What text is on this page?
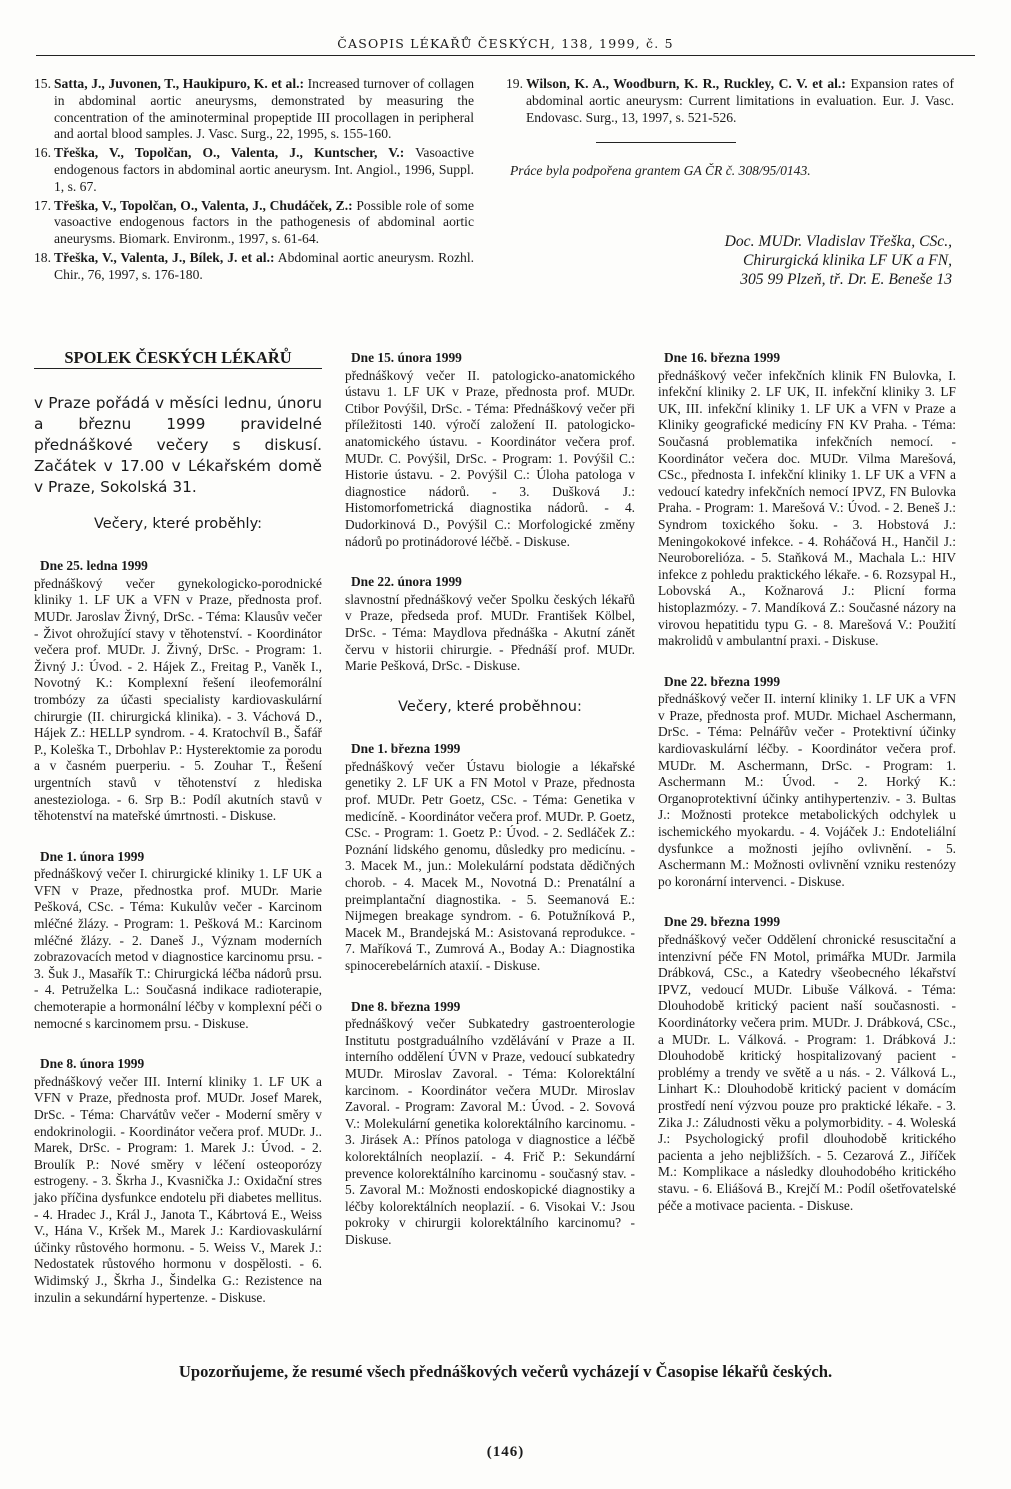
ČASOPIS LÉKAŘŮ ČESKÝCH, 138, 1999, č. 5
15. Satta, J., Juvonen, T., Haukipuro, K. et al.: Increased turnover of collagen in abdominal aortic aneurysms, demonstrated by measuring the concentration of the aminoterminal propeptide III procollagen in peripheral and aortal blood samples. J. Vasc. Surg., 22, 1995, s. 155-160.
16. Třeška, V., Topolčan, O., Valenta, J., Kuntscher, V.: Vasoactive endogenous factors in abdominal aortic aneurysm. Int. Angiol., 1996, Suppl. 1, s. 67.
17. Třeška, V., Topolčan, O., Valenta, J., Chudáček, Z.: Possible role of some vasoactive endogenous factors in the pathogenesis of abdominal aortic aneurysms. Biomark. Environm., 1997, s. 61-64.
18. Třeška, V., Valenta, J., Bílek, J. et al.: Abdominal aortic aneurysm. Rozhl. Chir., 76, 1997, s. 176-180.
19. Wilson, K. A., Woodburn, K. R., Ruckley, C. V. et al.: Expansion rates of abdominal aortic aneurysm: Current limitations in evaluation. Eur. J. Vasc. Endovasc. Surg., 13, 1997, s. 521-526.
Práce byla podpořena grantem GA ČR č. 308/95/0143.
Doc. MUDr. Vladislav Třeška, CSc.,
Chirurgická klinika LF UK a FN,
305 99 Plzeň, tř. Dr. E. Beneše 13
SPOLEK ČESKÝCH LÉKAŘŮ

v Praze pořádá v měsíci lednu, únoru a březnu 1999 pravidelné přednáškové večery s diskusí. Začátek v 17.00 v Lékařském domě v Praze, Sokolská 31.

Večery, které proběhly:
Dne 25. ledna 1999
přednáškový večer gynekologicko-porodnické kliniky 1. LF UK a VFN v Praze, přednosta prof. MUDr. Jaroslav Živný, DrSc. - Téma: Klausův večer - Život ohrožující stavy v těhotenství. - Koordinátor večera prof. MUDr. J. Živný, DrSc. - Program: 1. Živný J.: Úvod. - 2. Hájek Z., Freitag P., Vaněk I., Novotný K.: Komplexní řešení ileofemorální trombózy za účasti specialisty kardiovaskulární chirurgie (II. chirurgická klinika). - 3. Váchová D., Hájek Z.: HELLP syndrom. - 4. Kratochvíl B., Šafář P., Koleška T., Drbohlav P.: Hysterektomie za porodu a v časném puerperiu. - 5. Zouhar T., Řešení urgentních stavů v těhotenství z hlediska anesteziologa. - 6. Srp B.: Podíl akutních stavů v těhotenství na mateřské úmrtnosti. - Diskuse.
Dne 1. února 1999
přednáškový večer I. chirurgické kliniky 1. LF UK a VFN v Praze, přednostka prof. MUDr. Marie Pešková, CSc. - Téma: Kukulův večer - Karcinom mléčné žlázy. - Program: 1. Pešková M.: Karcinom mléčné žlázy. - 2. Daneš J., Význam moderních zobrazovacích metod v diagnostice karcinomu prsu. - 3. Šuk J., Masařík T.: Chirurgická léčba nádorů prsu. - 4. Petruželka L.: Současná indikace radioterapie, chemoterapie a hormonální léčby v komplexní péči o nemocné s karcinomem prsu. - Diskuse.
Dne 8. února 1999
přednáškový večer III. Interní kliniky 1. LF UK a VFN v Praze, přednosta prof. MUDr. Josef Marek, DrSc. - Téma: Charvátův večer - Moderní směry v endokrinologii. - Koordinátor večera prof. MUDr. J.. Marek, DrSc. - Program: 1. Marek J.: Úvod. - 2. Broulík P.: Nové směry v léčení osteoporózy estrogeny. - 3. Škrha J., Kvasnička J.: Oxidační stres jako příčina dysfunkce endotelu při diabetes mellitus. - 4. Hradec J., Král J., Janota T., Kábrtová E., Weiss V., Hána V., Kršek M., Marek J.: Kardiovaskulární účinky růstového hormonu. - 5. Weiss V., Marek J.: Nedostatek růstového hormonu v dospělosti. - 6. Widimský J., Škrha J., Šindelka G.: Rezistence na inzulin a sekundární hypertenze. - Diskuse.
Dne 15. února 1999
přednáškový večer II. patologicko-anatomického ústavu 1. LF UK v Praze, přednosta prof. MUDr. Ctibor Povýšil, DrSc. - Téma: Přednáškový večer při příležitosti 140. výročí založení II. patologicko-anatomického ústavu. - Koordinátor večera prof. MUDr. C. Povýšil, DrSc. - Program: 1. Povýšil C.: Historie ústavu. - 2. Povýšil C.: Úloha patologa v diagnostice nádorů. - 3. Dušková J.: Histomorfometrická diagnostika nádorů. - 4. Dudorkinová D., Povýšil C.: Morfologické změny nádorů po protinádorové léčbě. - Diskuse.
Dne 22. února 1999
slavnostní přednáškový večer Spolku českých lékařů v Praze, předseda prof. MUDr. František Kölbel, DrSc. - Téma: Maydlova přednáška - Akutní zánět červu v historii chirurgie. - Přednáší prof. MUDr. Marie Pešková, DrSc. - Diskuse.
Večery, které proběhnou:
Dne 1. března 1999
přednáškový večer Ústavu biologie a lékařské genetiky 2. LF UK a FN Motol v Praze, přednosta prof. MUDr. Petr Goetz, CSc. - Téma: Genetika v medicíně. - Koordinátor večera prof. MUDr. P. Goetz, CSc. - Program: 1. Goetz P.: Úvod. - 2. Sedláček Z.: Poznání lidského genomu, důsledky pro medicínu. - 3. Macek M., jun.: Molekulární podstata dědičných chorob. - 4. Macek M., Novotná D.: Prenatální a preimplantační diagnostika. - 5. Seemanová E.: Nijmegen breakage syndrom. - 6. Potužníková P., Macek M., Brandejská M.: Asistovaná reprodukce. - 7. Maříková T., Zumrová A., Boday A.: Diagnostika spinocerebelárních ataxií. - Diskuse.
Dne 8. března 1999
přednáškový večer Subkatedry gastroenterologie Institutu postgraduálního vzdělávání v Praze a II. interního oddělení ÚVN v Praze, vedoucí subkatedry MUDr. Miroslav Zavoral. - Téma: Kolorektální karcinom. - Koordinátor večera MUDr. Miroslav Zavoral. - Program: Zavoral M.: Úvod. - 2. Sovová V.: Molekulární genetika kolorektálního karcinomu. - 3. Jirásek A.: Přínos patologa v diagnostice a léčbě kolorektálních neoplazií. - 4. Frič P.: Sekundární prevence kolorektálního karcinomu - současný stav. - 5. Zavoral M.: Možnosti endoskopické diagnostiky a léčby kolorektálních neoplazií. - 6. Visokai V.: Jsou pokroky v chirurgii kolorektálního karcinomu? - Diskuse.
Dne 16. března 1999
přednáškový večer infekčních klinik FN Bulovka, I. infekční kliniky 2. LF UK, II. infekční kliniky 3. LF UK, III. infekční kliniky 1. LF UK a VFN v Praze a Kliniky geografické medicíny FN KV Praha. - Téma: Současná problematika infekčních nemocí. - Koordinátor večera doc. MUDr. Vilma Marešová, CSc., přednosta I. infekční kliniky 1. LF UK a VFN a vedoucí katedry infekčních nemocí IPVZ, FN Bulovka Praha. - Program: 1. Marešová V.: Úvod. - 2. Beneš J.: Syndrom toxického šoku. - 3. Hobstová J.: Meningokokové infekce. - 4. Roháčová H., Hančil J.: Neuroborelióza. - 5. Staňková M., Machala L.: HIV infekce z pohledu praktického lékaře. - 6. Rozsypal H., Lobovská A., Kožnarová J.: Plicní forma histoplazmózy. - 7. Mandíková Z.: Současné názory na virovou hepatitidu typu G. - 8. Marešová V.: Použití makrolidů v ambulantní praxi. - Diskuse.
Dne 22. března 1999
přednáškový večer II. interní kliniky 1. LF UK a VFN v Praze, přednosta prof. MUDr. Michael Aschermann, DrSc. - Téma: Pelnářův večer - Protektivní účinky kardiovaskulární léčby. - Koordinátor večera prof. MUDr. M. Aschermann, DrSc. - Program: 1. Aschermann M.: Úvod. - 2. Horký K.: Organoprotektivní účinky antihypertenziv. - 3. Bultas J.: Možnosti protekce metabolických odchylek u ischemického myokardu. - 4. Vojáček J.: Endoteliální dysfunkce a možnosti jejího ovlivnění. - 5. Aschermann M.: Možnosti ovlivnění vzniku restenózy po koronární intervenci. - Diskuse.
Dne 29. března 1999
přednáškový večer Oddělení chronické resuscitační a intenzivní péče FN Motol, primářka MUDr. Jarmila Drábková, CSc., a Katedry všeobecného lékařství IPVZ, vedoucí MUDr. Libuše Válková. - Téma: Dlouhodobě kritický pacient naší současnosti. - Koordinátorky večera prim. MUDr. J. Drábková, CSc., a MUDr. L. Válková. - Program: 1. Drábková J.: Dlouhodobě kritický hospitalizovaný pacient - problémy a trendy ve světě a u nás. - 2. Válková L., Linhart K.: Dlouhodobě kritický pacient v domácím prostředí není výzvou pouze pro praktické lékaře. - 3. Zika J.: Záludnosti věku a polymorbidity. - 4. Woleská J.: Psychologický profil dlouhodobě kritického pacienta a jeho nejbližších. - 5. Cezarová Z., Jiříček M.: Komplikace a následky dlouhodobého kritického stavu. - 6. Eliášová B., Krejčí M.: Podíl ošetřovatelské péče a motivace pacienta. - Diskuse.
Upozorňujeme, že resumé všech přednáškových večerů vycházejí v Časopise lékařů českých.
(146)
